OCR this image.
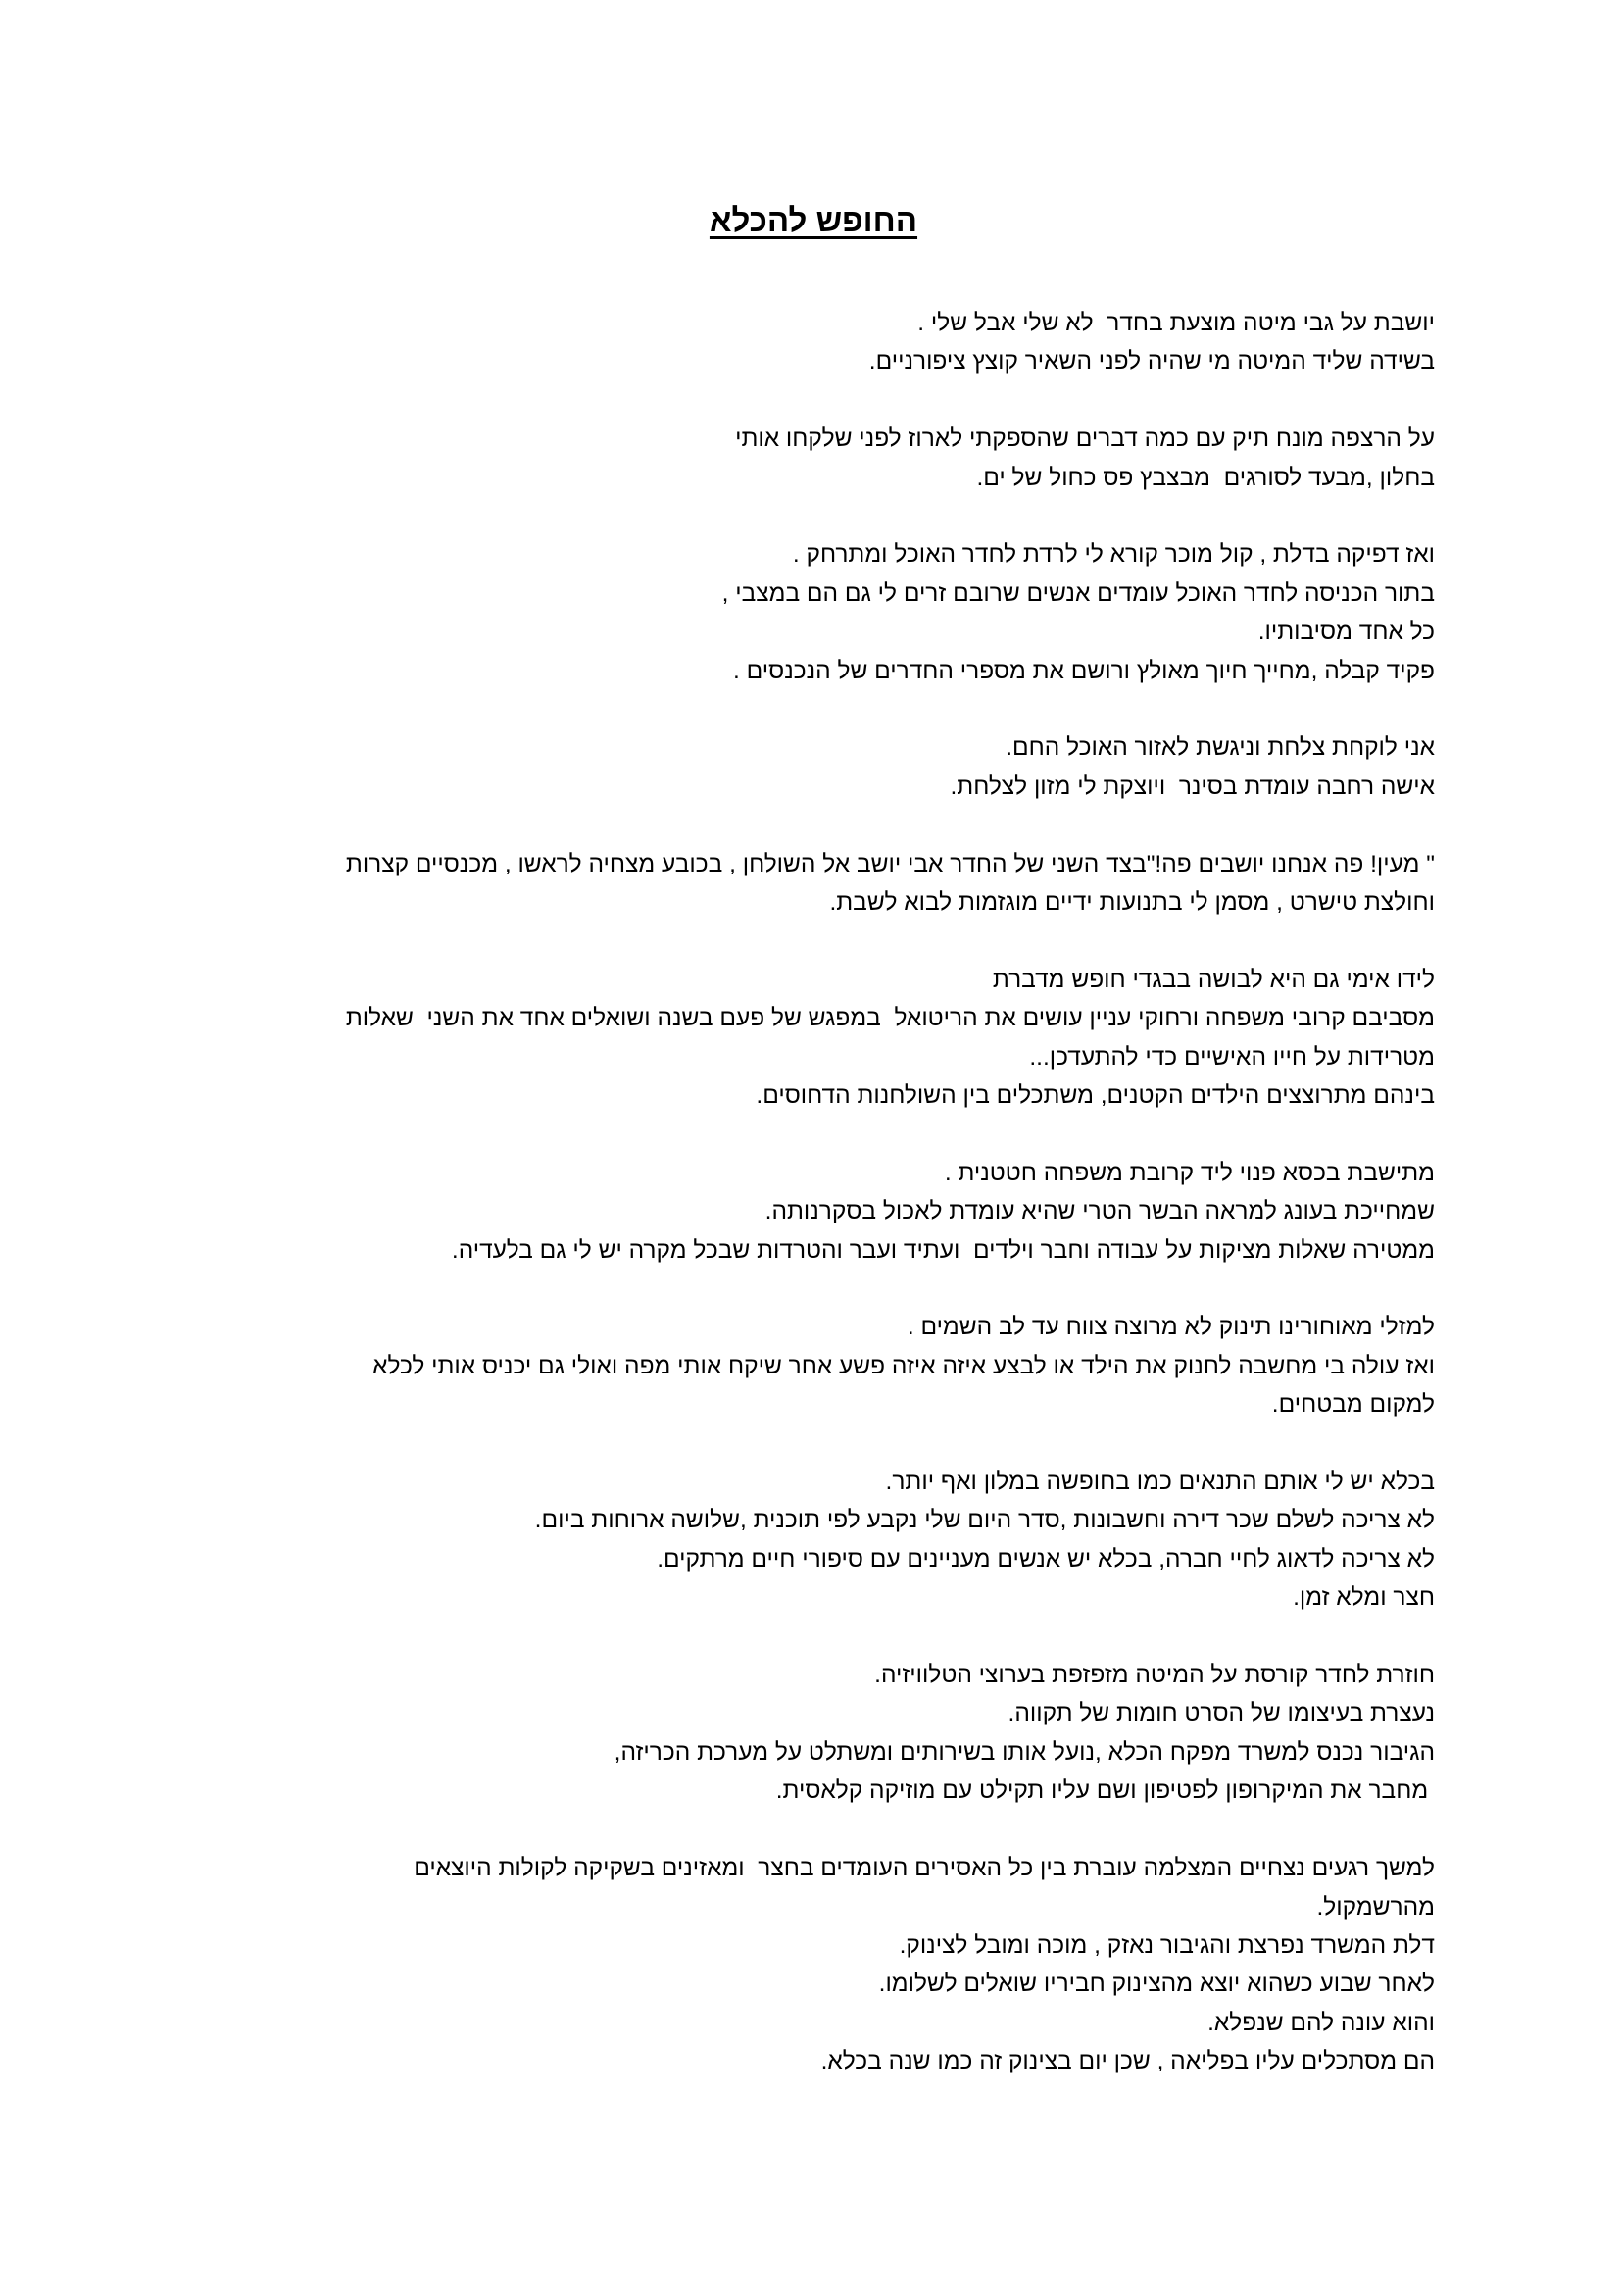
החופש להכלא
יושבת על גבי מיטה מוצעת בחדר  לא שלי אבל שלי .
בשידה שליד המיטה מי שהיה לפני השאיר קוצץ ציפורניים.
על הרצפה מונח תיק עם כמה דברים שהספקתי לארוז לפני שלקחו אותי
בחלון ,מבעד לסורגים  מבצבץ פס כחול של ים.
ואז דפיקה בדלת , קול מוכר קורא לי לרדת לחדר האוכל ומתרחק .
בתור הכניסה לחדר האוכל עומדים אנשים שרובם זרים לי גם הם במצבי ,
כל אחד מסיבותיו.
פקיד קבלה ,מחייך חיוך מאולץ ורושם את מספרי החדרים של הנכנסים .
אני לוקחת צלחת וניגשת לאזור האוכל החם.
אישה רחבה עומדת בסינר  ויוצקת לי מזון לצלחת.
" מעין! פה אנחנו יושבים פה!"בצד השני של החדר אבי יושב אל השולחן , בכובע מצחיה לראשו , מכנסיים קצרות
וחולצת טישרט , מסמן לי בתנועות ידיים מוגזמות לבוא לשבת.
לידו אימי גם היא לבושה בבגדי חופש מדברת
מסביבם קרובי משפחה ורחוקי עניין עושים את הריטואל  במפגש של פעם בשנה ושואלים אחד את השני  שאלות
מטרידות על חייו האישיים כדי להתעדכן...
בינהם מתרוצצים הילדים הקטנים, משתכלים בין השולחנות הדחוסים.
מתישבת בכסא פנוי ליד קרובת משפחה חטטנית .
שמחייכת בעונג למראה הבשר הטרי שהיא עומדת לאכול בסקרנותה.
ממטירה שאלות מציקות על עבודה וחבר וילדים  ועתיד ועבר והטרדות שבכל מקרה יש לי גם בלעדיה.
למזלי מאוחורינו תינוק לא מרוצה צווח עד לב השמים .
ואז עולה בי מחשבה לחנוק את הילד או לבצע איזה איזה פשע אחר שיקח אותי מפה ואולי גם יכניס אותי לכלא
למקום מבטחים.
בכלא יש לי אותם התנאים כמו בחופשה במלון ואף יותר.
לא צריכה לשלם שכר דירה וחשבונות ,סדר היום שלי נקבע לפי תוכנית ,שלושה ארוחות ביום.
לא צריכה לדאוג לחיי חברה, בכלא יש אנשים מעניינים עם סיפורי חיים מרתקים.
חצר ומלא זמן.
חוזרת לחדר קורסת על המיטה מזפזפת בערוצי הטלוויזיה.
נעצרת בעיצומו של הסרט חומות של תקווה.
הגיבור נכנס למשרד מפקח הכלא ,נועל אותו בשירותים ומשתלט על מערכת הכריזה,
מחבר את המיקרופון לפטיפון ושם עליו תקילט עם מוזיקה קלאסית.
למשך רגעים נצחיים המצלמה עוברת בין כל האסירים העומדים בחצר  ומאזינים בשקיקה לקולות היוצאים
מהרשמקול.
דלת המשרד נפרצת והגיבור נאזק , מוכה ומובל לצינוק.
לאחר שבוע כשהוא יוצא מהצינוק חביריו שואלים לשלומו.
והוא עונה להם שנפלא.
הם מסתכלים עליו בפליאה , שכן יום בצינוק זה כמו שנה בכלא.
